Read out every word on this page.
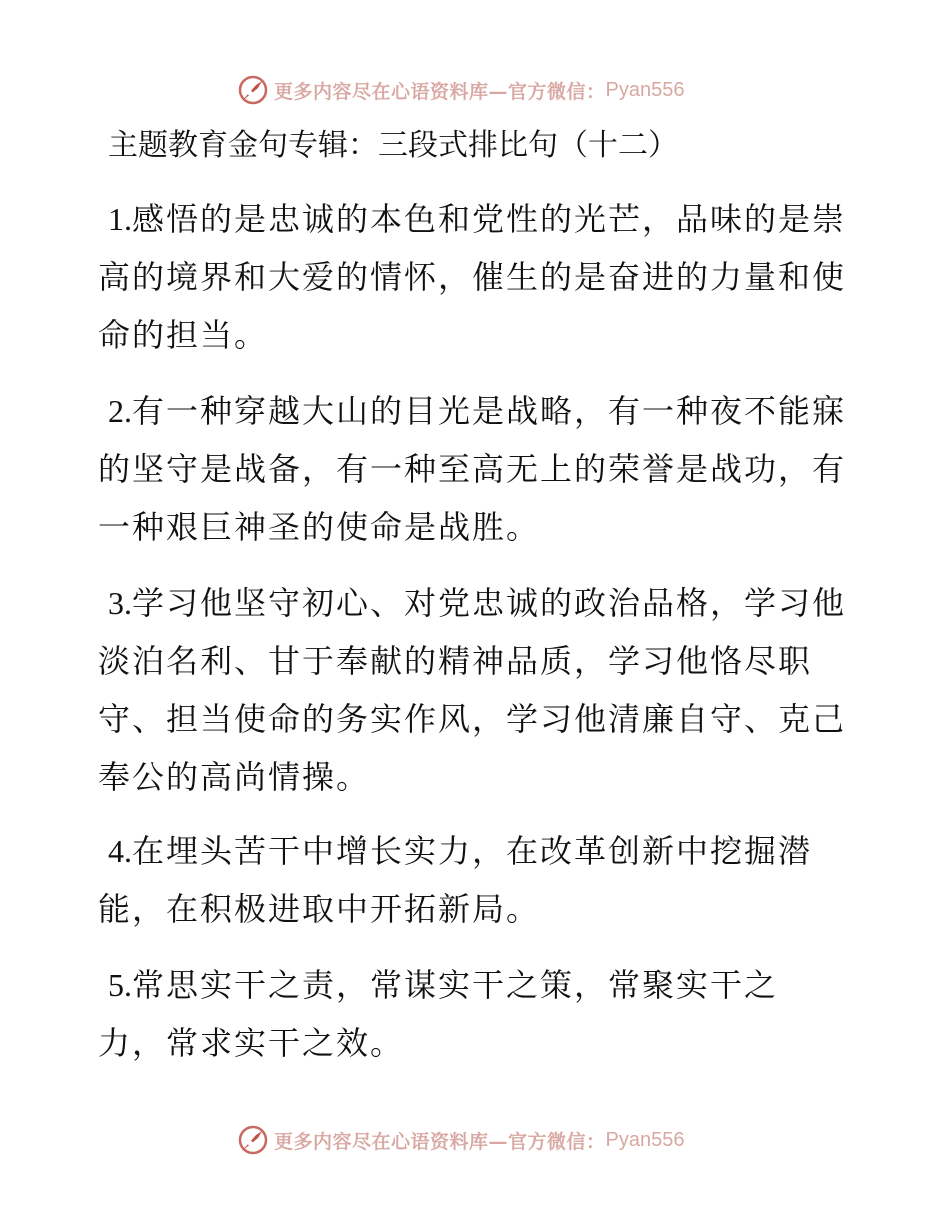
更多内容尽在心语资料库—官方微信： Pyan556
主题教育金句专辑：三段式排比句（十二）

1.感悟的是忠诚的本色和党性的光芒，品味的是崇高的境界和大爱的情怀，催生的是奋进的力量和使命的担当。

2.有一种穿越大山的目光是战略，有一种夜不能寐的坚守是战备，有一种至高无上的荣誉是战功，有一种艰巨神圣的使命是战胜。

3.学习他坚守初心、对党忠诚的政治品格，学习他淡泊名利、甘于奉献的精神品质，学习他恪尽职守、担当使命的务实作风，学习他清廉自守、克己奉公的高尚情操。

4.在埋头苦干中增长实力，在改革创新中挖掘潜能，在积极进取中开拓新局。

5.常思实干之责，常谋实干之策，常聚实干之力，常求实干之效。

更多内容尽在心语资料库—官方微信： Pyan556
